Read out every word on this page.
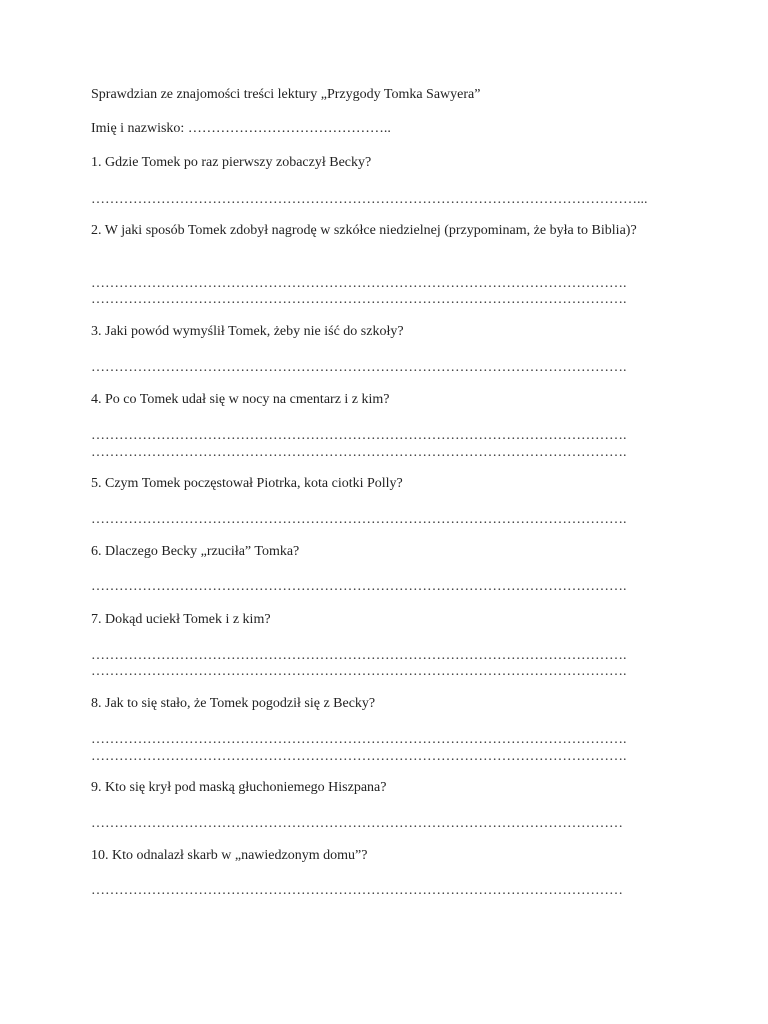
Sprawdzian ze znajomości treści lektury „Przygody Tomka Sawyera”
Imię i nazwisko: ……………………………………..
1. Gdzie Tomek po raz pierwszy zobaczył Becky?
………………………………………………………………………………………………………...
2. W jaki sposób Tomek zdobył nagrodę w szkółce niedzielnej (przypominam, że była to Biblia)?
…………………………………………………………………………………………………….
…………………………………………………………………………………………………….
3. Jaki powód wymyślił Tomek, żeby nie iść do szkoły?
…………………………………………………………………………………………………….
4. Po co Tomek udał się w nocy na cmentarz i z kim?
…………………………………………………………………………………………………….
…………………………………………………………………………………………………….
5. Czym Tomek poczęstował Piotrka, kota ciotki Polly?
…………………………………………………………………………………………………….
6. Dlaczego Becky „rzuciła” Tomka?
…………………………………………………………………………………………………….
7. Dokąd uciekł Tomek i z kim?
…………………………………………………………………………………………………….
…………………………………………………………………………………………………….
8. Jak to się stało, że Tomek pogodził się z Becky?
…………………………………………………………………………………………………….
…………………………………………………………………………………………………….
9. Kto się krył pod maską głuchoniemego Hiszpana?
……………………………………………………………………………………………………
10. Kto odnalazł skarb w „nawiedzonym domu”?
……………………………………………………………………………………………………
